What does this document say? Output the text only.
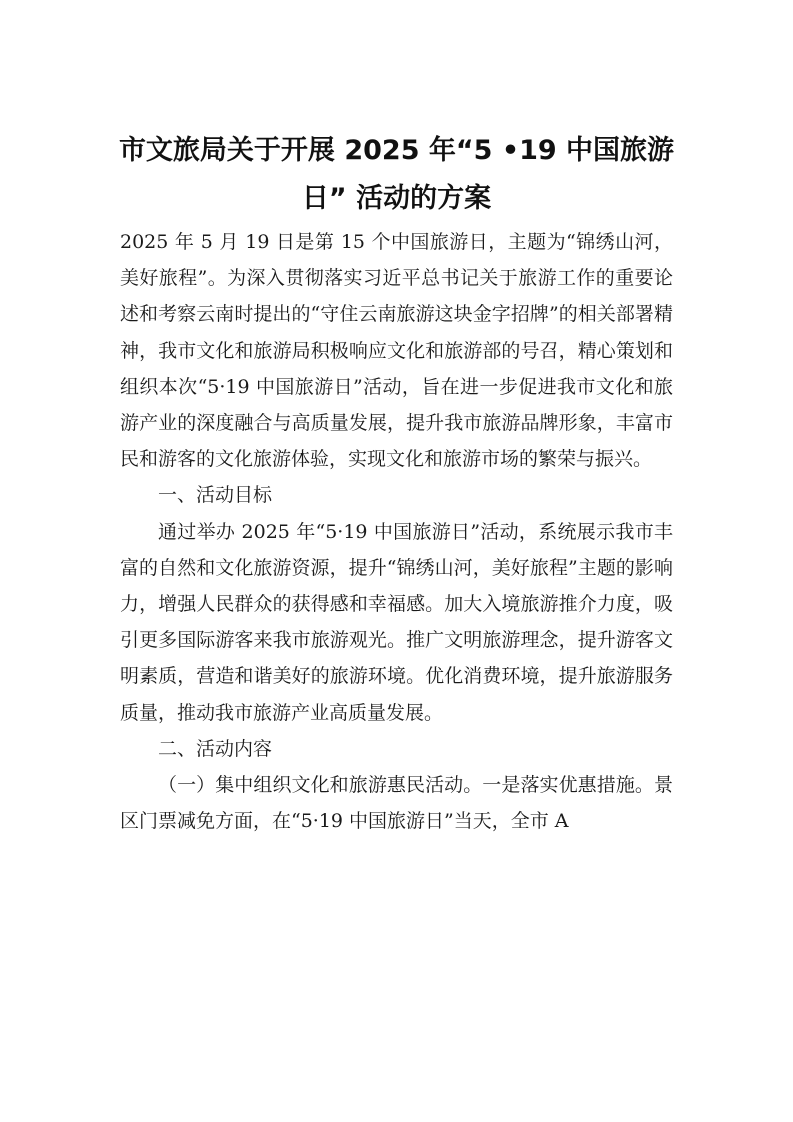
市文旅局关于开展 2025 年“5 •19 中国旅游
日” 活动的方案

2025 年 5 月 19 日是第 15 个中国旅游日，主题为“锦绣山河，美好旅程”。为深入贯彻落实习近平总书记关于旅游工作的重要论述和考察云南时提出的“守住云南旅游这块金字招牌”的相关部署精神，我市文化和旅游局积极响应文化和旅游部的号召，精心策划和组织本次“5·19 中国旅游日”活动，旨在进一步促进我市文化和旅游产业的深度融合与高质量发展，提升我市旅游品牌形象，丰富市民和游客的文化旅游体验，实现文化和旅游市场的繁荣与振兴。

一、活动目标

通过举办 2025 年“5·19 中国旅游日”活动，系统展示我市丰富的自然和文化旅游资源，提升“锦绣山河，美好旅程”主题的影响力，增强人民群众的获得感和幸福感。加大入境旅游推介力度，吸引更多国际游客来我市旅游观光。推广文明旅游理念，提升游客文明素质，营造和谐美好的旅游环境。优化消费环境，提升旅游服务质量，推动我市旅游产业高质量发展。

二、活动内容

（一）集中组织文化和旅游惠民活动。一是落实优惠措施。景区门票减免方面，在“5·19 中国旅游日”当天，全市 A
